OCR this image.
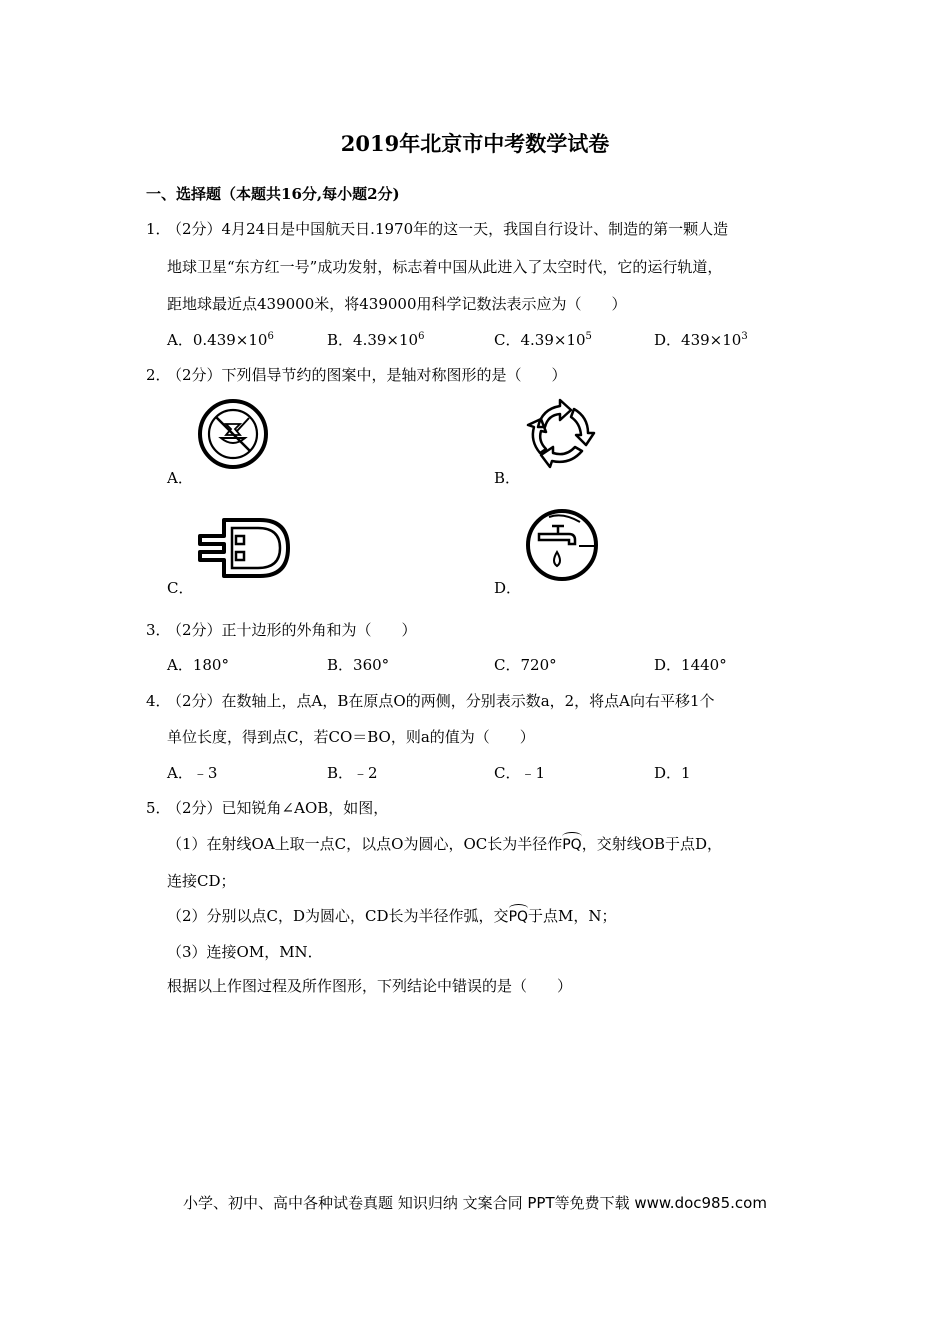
2019年北京市中考数学试卷
一、选择题（本题共16分,每小题2分)
1．
（2分）4月24日是中国航天日.1970年的这一天，我国自行设计、制造的第一颗人造
地球卫星“东方红一号”成功发射，标志着中国从此进入了太空时代，它的运行轨道，
距地球最近点439000米，将439000用科学记数法表示应为（　　）
A．$0.439\times 10^6$	B．$4.39\times 10^6$	C．$4.39\times 10^5$	D．$439\times 10^3$
2．
（2分）下列倡导节约的图案中，是轴对称图形的是（　　）
A．	B．
C．	D．
3．
（2分）正十边形的外角和为（　　）
A．180°	B．360°	C．720°	D．1440°
4．
（2分）在数轴上，点A，B在原点O的两侧，分别表示数a，2，将点A向右平移1个
单位长度，得到点C，若CO＝BO，则a的值为（　　）
A．﹣3	B．﹣2	C．﹣1	D．1
5．
（2分）已知锐角∠AOB，如图，
（1）在射线OA上取一点C，以点O为圆心，OC长为半径作PQ，交射线OB于点D，
连接CD；
（2）分别以点C，D为圆心，CD长为半径作弧，交PQ于点M，N；
（3）连接OM，MN．
根据以上作图过程及所作图形，下列结论中错误的是（　　）
小学、初中、高中各种试卷真题 知识归纳 文案合同 PPT等免费下载 www.doc985.com
